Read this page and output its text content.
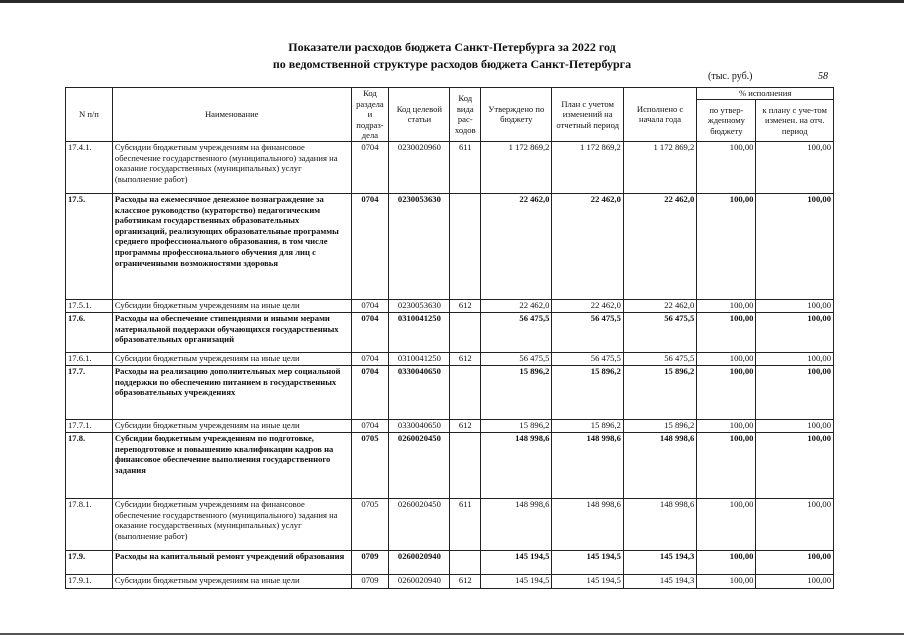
Показатели расходов бюджета Санкт-Петербурга за 2022 год
по ведомственной структуре расходов бюджета Санкт-Петербурга
(тыс. руб.)	58
N п/п	Наименование	Код раздела и подраз-дела	Код целевой статьи	Код вида рас-ходов	Утверждено по бюджету	План с учетом изменений на отчетный период	Исполнено с начала года	% исполнения	
								по утвер-жденному бюджету	к плану с уче-том изменен. на отч. период
17.4.1.	Субсидии бюджетным учреждениям на финансовое обеспечение государственного (муниципального) задания на оказание государственных (муниципальных) услуг (выполнение работ)	0704	0230020960	611	1 172 869,2	1 172 869,2	1 172 869,2	100,00	100,00
17.5.	Расходы на ежемесячное денежное вознаграждение за классное руководство (кураторство) педагогическим работникам государственных образовательных организаций, реализующих образовательные программы среднего профессионального образования, в том числе программы профессионального обучения для лиц с ограниченными возможностями здоровья	0704	0230053630		22 462,0	22 462,0	22 462,0	100,00	100,00
17.5.1.	Субсидии бюджетным учреждениям на иные цели	0704	0230053630	612	22 462,0	22 462,0	22 462,0	100,00	100,00
17.6.	Расходы на обеспечение стипендиями и иными мерами материальной поддержки обучающихся государственных образовательных организаций	0704	0310041250		56 475,5	56 475,5	56 475,5	100,00	100,00
17.6.1.	Субсидии бюджетным учреждениям на иные цели	0704	0310041250	612	56 475,5	56 475,5	56 475,5	100,00	100,00
17.7.	Расходы на реализацию дополнительных мер социальной поддержки по обеспечению питанием в государственных образовательных учреждениях	0704	0330040650		15 896,2	15 896,2	15 896,2	100,00	100,00
17.7.1.	Субсидии бюджетным учреждениям на иные цели	0704	0330040650	612	15 896,2	15 896,2	15 896,2	100,00	100,00
17.8.	Субсидии бюджетным учреждениям по подготовке, переподготовке и повышению квалификации кадров на финансовое обеспечение выполнения государственного задания	0705	0260020450		148 998,6	148 998,6	148 998,6	100,00	100,00
17.8.1.	Субсидии бюджетным учреждениям на финансовое обеспечение государственного (муниципального) задания на оказание государственных (муниципальных) услуг (выполнение работ)	0705	0260020450	611	148 998,6	148 998,6	148 998,6	100,00	100,00
17.9.	Расходы на капитальный ремонт учреждений образования	0709	0260020940		145 194,5	145 194,5	145 194,3	100,00	100,00
17.9.1.	Субсидии бюджетным учреждениям на иные цели	0709	0260020940	612	145 194,5	145 194,5	145 194,3	100,00	100,00
